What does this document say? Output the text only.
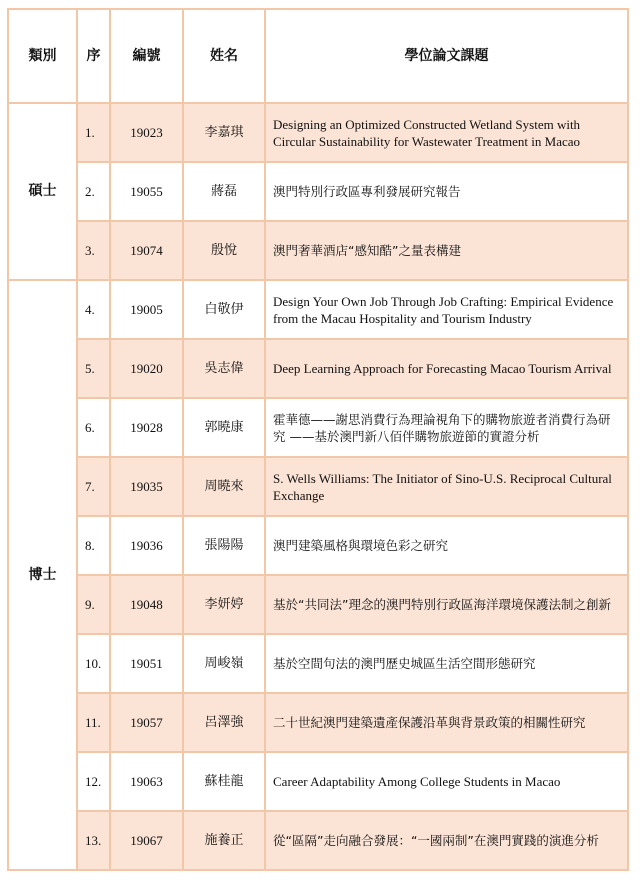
類別	序	編號	姓名	學位論文課題
碩士	1.	19023	李嘉琪	Designing an Optimized Constructed Wetland System with Circular Sustainability for Wastewater Treatment in Macao
	2.	19055	蔣磊	澳門特別行政區專利發展研究報告
	3.	19074	殷悅	澳門奢華酒店“感知酷”之量表構建
博士	4.	19005	白敬伊	Design Your Own Job Through Job Crafting: Empirical Evidence from the Macau Hospitality and Tourism Industry
	5.	19020	吳志偉	Deep Learning Approach for Forecasting Macao Tourism Arrival
	6.	19028	郭曉康	霍華德——謝思消費行為理論視角下的購物旅遊者消費行為研究 ——基於澳門新八佰伴購物旅遊節的實證分析
	7.	19035	周曉來	S. Wells Williams: The Initiator of Sino-U.S. Reciprocal Cultural Exchange
	8.	19036	張陽陽	澳門建築風格與環境色彩之研究
	9.	19048	李妍婷	基於“共同法”理念的澳門特別行政區海洋環境保護法制之創新
	10.	19051	周峻嶺	基於空間句法的澳門歷史城區生活空間形態研究
	11.	19057	呂澤強	二十世紀澳門建築遺產保護沿革與背景政策的相關性研究
	12.	19063	蘇桂龍	Career Adaptability Among College Students in Macao
	13.	19067	施養正	從“區隔”走向融合發展：“一國兩制”在澳門實踐的演進分析
